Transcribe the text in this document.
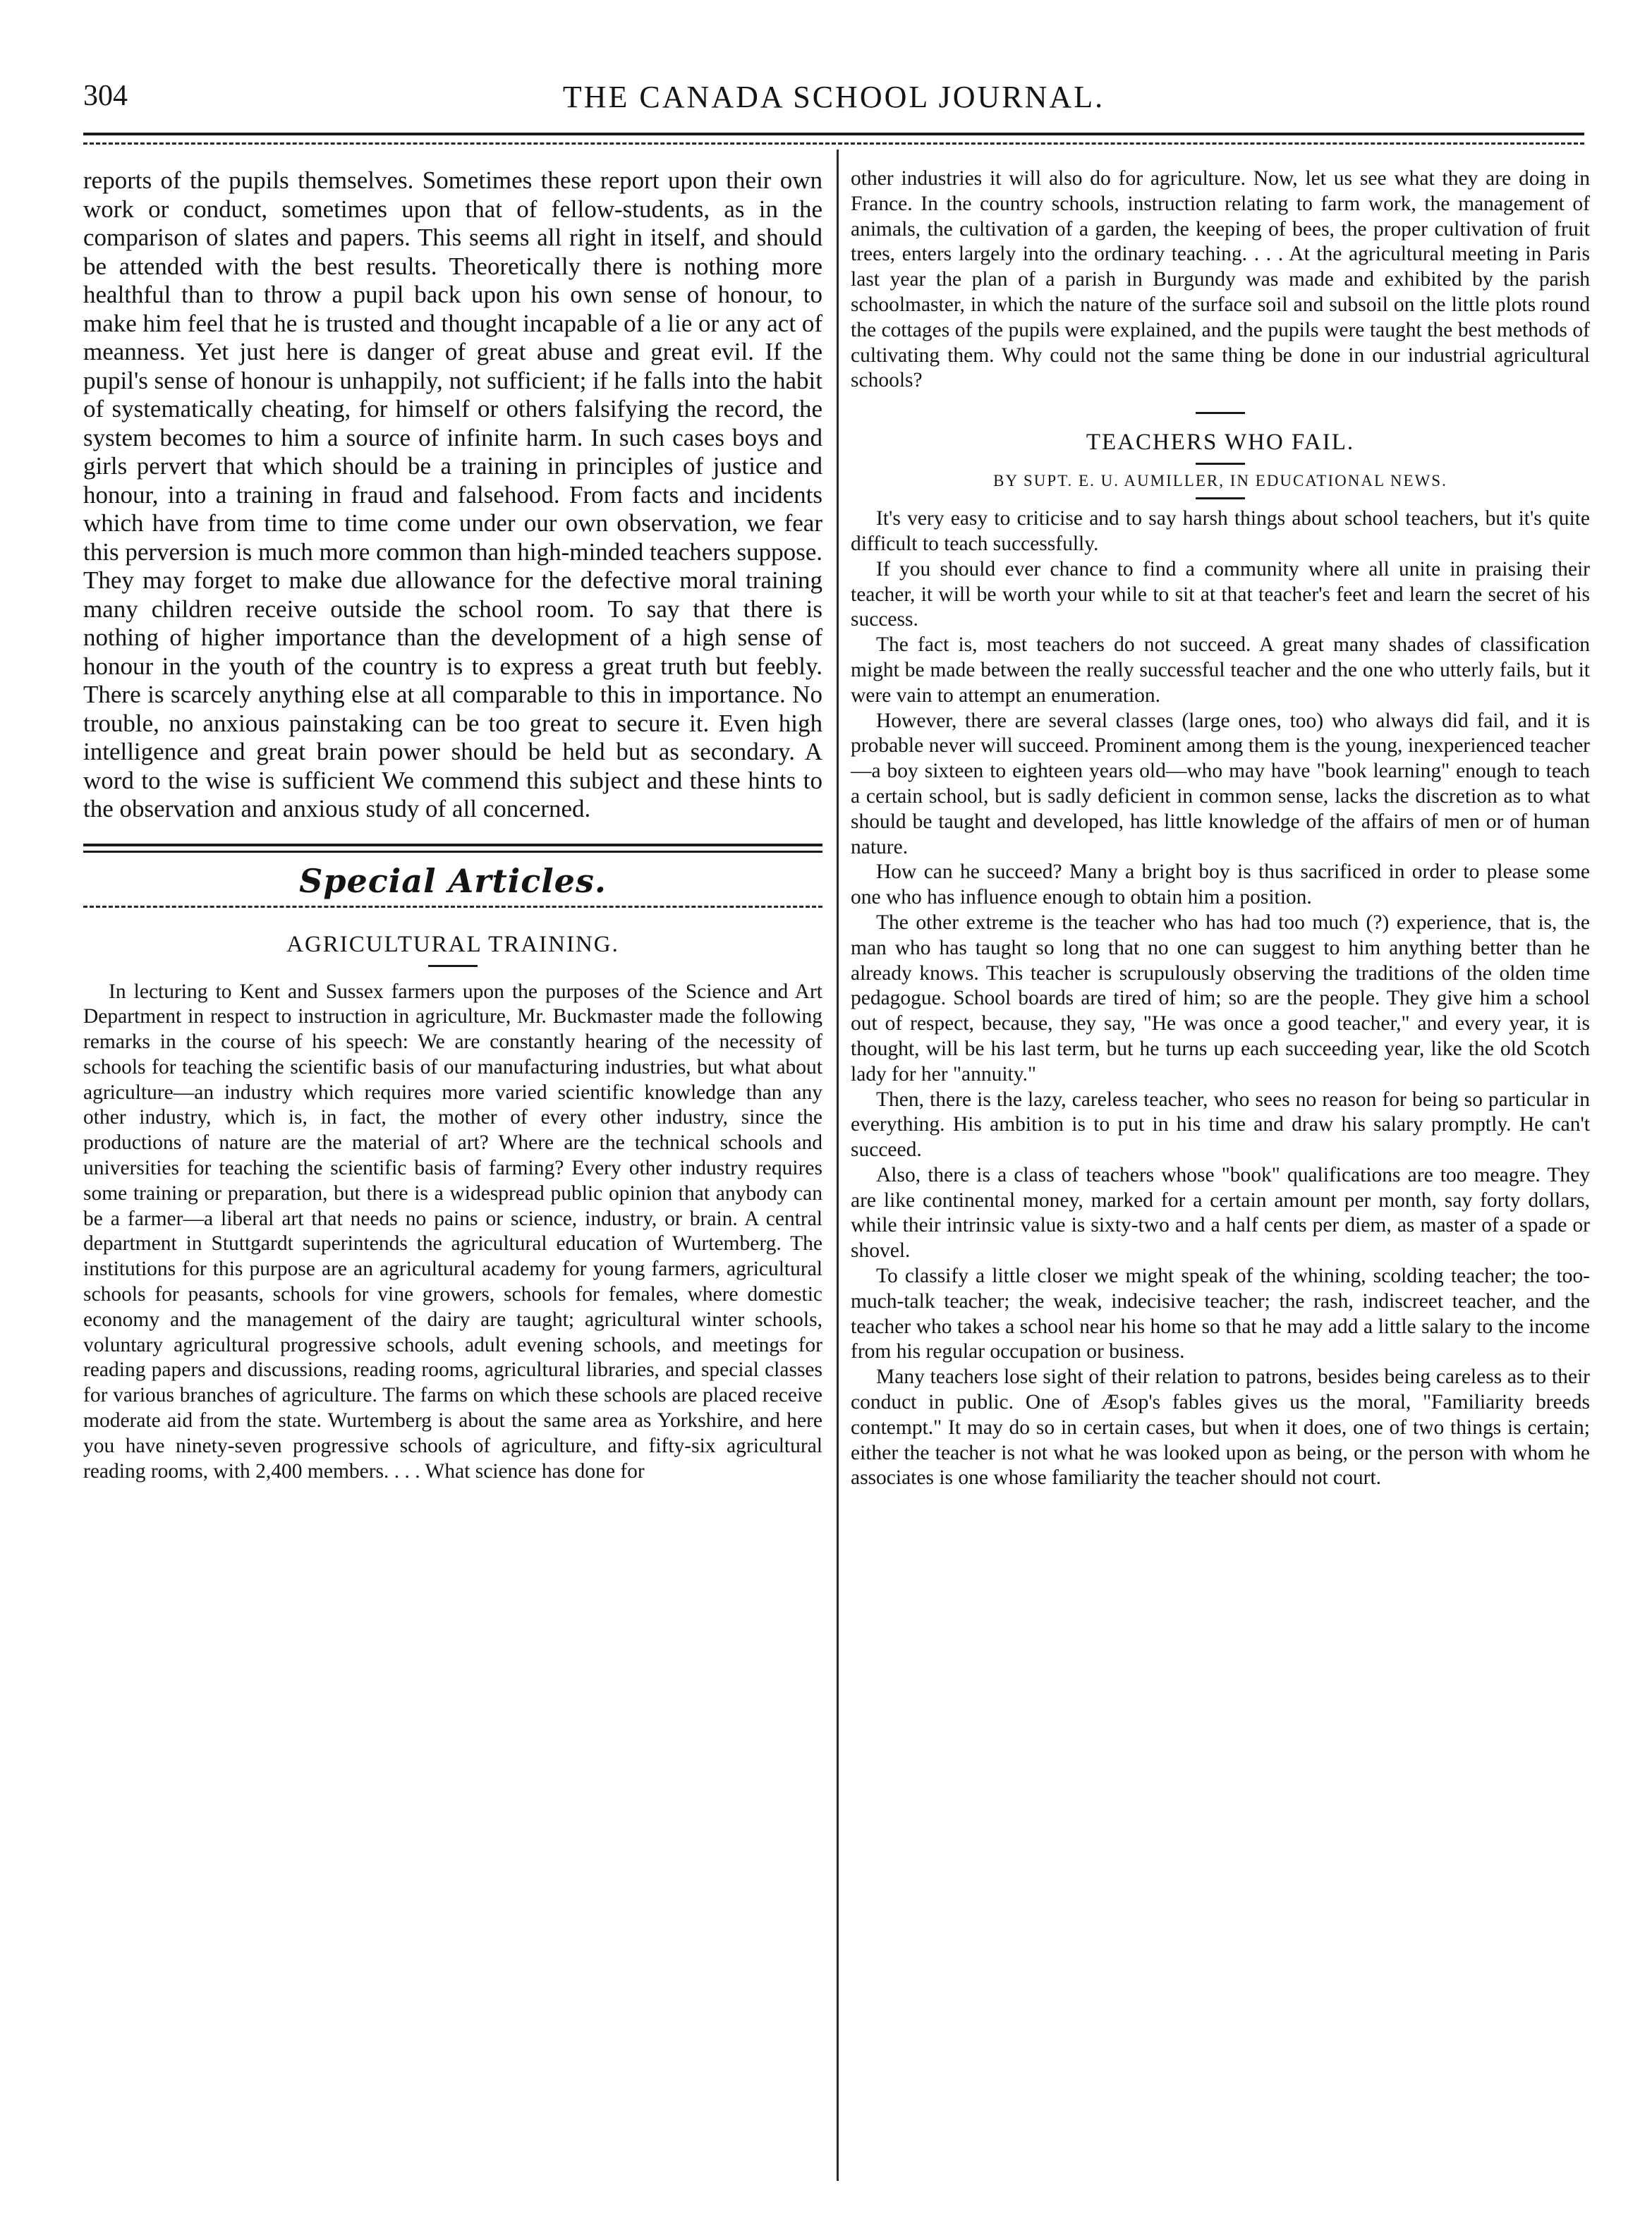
304	THE CANADA SCHOOL JOURNAL.

reports of the pupils themselves. Sometimes these report upon their own work or conduct, sometimes upon that of fellow-students, as in the comparison of slates and papers. This seems all right in itself, and should be attended with the best results. Theoretically there is nothing more healthful than to throw a pupil back upon his own sense of honour, to make him feel that he is trusted and thought incapable of a lie or any act of meanness. Yet just here is danger of great abuse and great evil. If the pupil's sense of honour is unhappily, not sufficient; if he falls into the habit of systematically cheating, for himself or others falsifying the record, the system becomes to him a source of infinite harm. In such cases boys and girls pervert that which should be a training in principles of justice and honour, into a training in fraud and falsehood. From facts and incidents which have from time to time come under our own observation, we fear this perversion is much more common than high-minded teachers suppose. They may forget to make due allowance for the defective moral training many children receive outside the school room. To say that there is nothing of higher importance than the development of a high sense of honour in the youth of the country is to express a great truth but feebly. There is scarcely anything else at all comparable to this in importance. No trouble, no anxious painstaking can be too great to secure it. Even high intelligence and great brain power should be held but as secondary. A word to the wise is sufficient We commend this subject and these hints to the observation and anxious study of all concerned.

Special Articles.
AGRICULTURAL TRAINING.

In lecturing to Kent and Sussex farmers upon the purposes of the Science and Art Department in respect to instruction in agriculture, Mr. Buckmaster made the following remarks in the course of his speech: We are constantly hearing of the necessity of schools for teaching the scientific basis of our manufacturing industries, but what about agriculture—an industry which requires more varied scientific knowledge than any other industry, which is, in fact, the mother of every other industry, since the productions of nature are the material of art? Where are the technical schools and universities for teaching the scientific basis of farming? Every other industry requires some training or preparation, but there is a widespread public opinion that anybody can be a farmer—a liberal art that needs no pains or science, industry, or brain. A central department in Stuttgardt superintends the agricultural education of Wurtemberg. The institutions for this purpose are an agricultural academy for young farmers, agricultural schools for peasants, schools for vine growers, schools for females, where domestic economy and the management of the dairy are taught; agricultural winter schools, voluntary agricultural progressive schools, adult evening schools, and meetings for reading papers and discussions, reading rooms, agricultural libraries, and special classes for various branches of agriculture. The farms on which these schools are placed receive moderate aid from the state. Wurtemberg is about the same area as Yorkshire, and here you have ninety-seven progressive schools of agriculture, and fifty-six agricultural reading rooms, with 2,400 members. . . . What science has done for

other industries it will also do for agriculture. Now, let us see what they are doing in France. In the country schools, instruction relating to farm work, the management of animals, the cultivation of a garden, the keeping of bees, the proper cultivation of fruit trees, enters largely into the ordinary teaching. . . . At the agricultural meeting in Paris last year the plan of a parish in Burgundy was made and exhibited by the parish schoolmaster, in which the nature of the surface soil and subsoil on the little plots round the cottages of the pupils were explained, and the pupils were taught the best methods of cultivating them. Why could not the same thing be done in our industrial agricultural schools?

TEACHERS WHO FAIL.
BY SUPT. E. U. AUMILLER, IN EDUCATIONAL NEWS.

It's very easy to criticise and to say harsh things about school teachers, but it's quite difficult to teach successfully.

If you should ever chance to find a community where all unite in praising their teacher, it will be worth your while to sit at that teacher's feet and learn the secret of his success.

The fact is, most teachers do not succeed. A great many shades of classification might be made between the really successful teacher and the one who utterly fails, but it were vain to attempt an enumeration.

However, there are several classes (large ones, too) who always did fail, and it is probable never will succeed. Prominent among them is the young, inexperienced teacher—a boy sixteen to eighteen years old—who may have "book learning" enough to teach a certain school, but is sadly deficient in common sense, lacks the discretion as to what should be taught and developed, has little knowledge of the affairs of men or of human nature.

How can he succeed? Many a bright boy is thus sacrificed in order to please some one who has influence enough to obtain him a position.

The other extreme is the teacher who has had too much (?) experience, that is, the man who has taught so long that no one can suggest to him anything better than he already knows. This teacher is scrupulously observing the traditions of the olden time pedagogue. School boards are tired of him; so are the people. They give him a school out of respect, because, they say, "He was once a good teacher," and every year, it is thought, will be his last term, but he turns up each succeeding year, like the old Scotch lady for her "annuity."

Then, there is the lazy, careless teacher, who sees no reason for being so particular in everything. His ambition is to put in his time and draw his salary promptly. He can't succeed.

Also, there is a class of teachers whose "book" qualifications are too meagre. They are like continental money, marked for a certain amount per month, say forty dollars, while their intrinsic value is sixty-two and a half cents per diem, as master of a spade or shovel.

To classify a little closer we might speak of the whining, scolding teacher; the too-much-talk teacher; the weak, indecisive teacher; the rash, indiscreet teacher, and the teacher who takes a school near his home so that he may add a little salary to the income from his regular occupation or business.

Many teachers lose sight of their relation to patrons, besides being careless as to their conduct in public. One of Æsop's fables gives us the moral, "Familiarity breeds contempt." It may do so in certain cases, but when it does, one of two things is certain; either the teacher is not what he was looked upon as being, or the person with whom he associates is one whose familiarity the teacher should not court.
